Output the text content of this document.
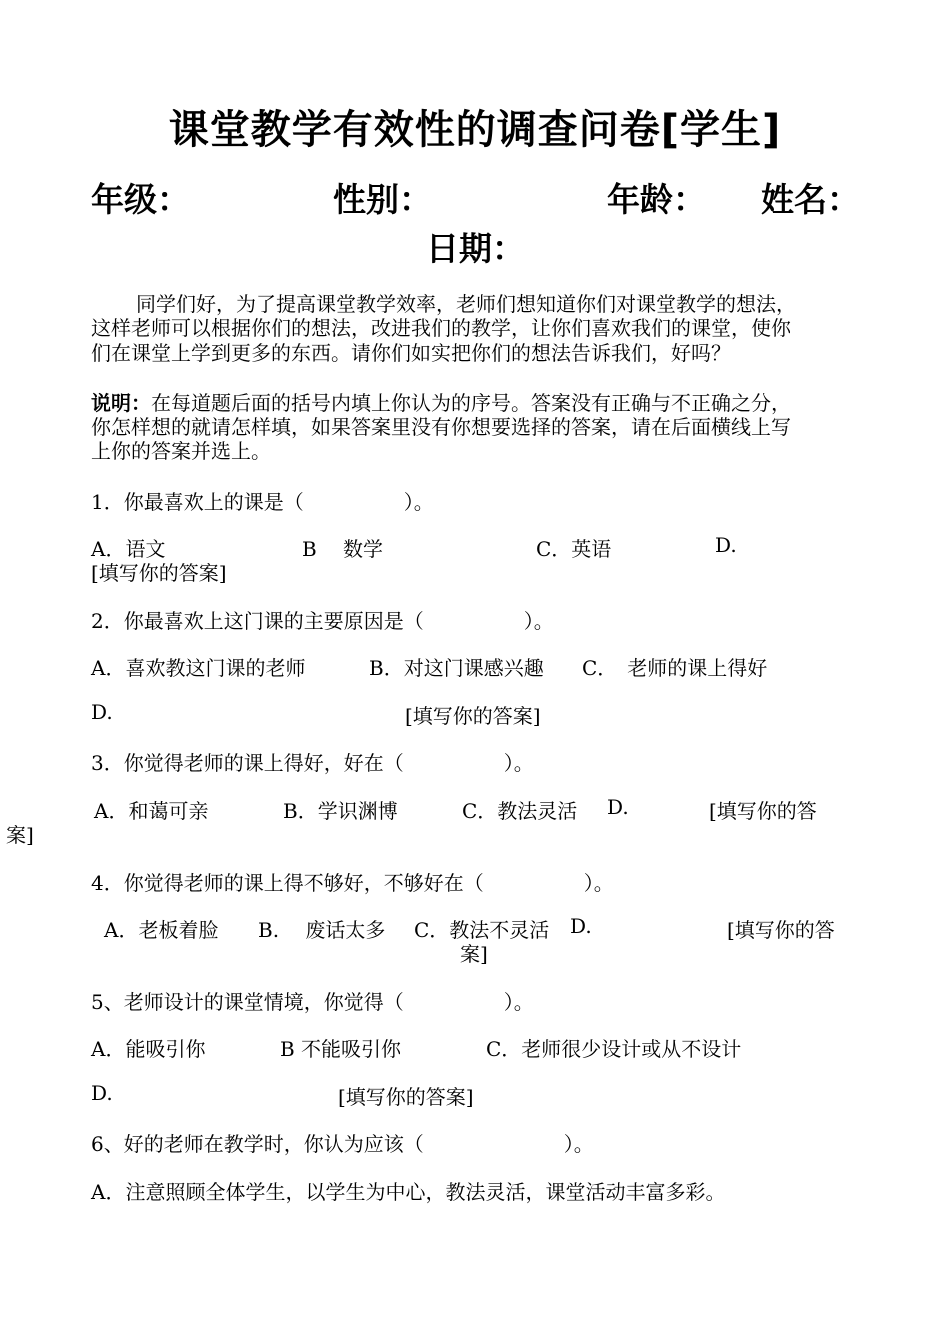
课堂教学有效性的调查问卷[学生]
年级：	性别：	年龄： 姓名：
日期：
同学们好，为了提高课堂教学效率，老师们想知道你们对课堂教学的想法，
这样老师可以根据你们的想法，改进我们的教学，让你们喜欢我们的课堂，使你
们在课堂上学到更多的东西。请你们如实把你们的想法告诉我们，好吗？
说明：在每道题后面的括号内填上你认为的序号。答案没有正确与不正确之分，
你怎样想的就请怎样填，如果答案里没有你想要选择的答案，请在后面横线上写
上你的答案并选上。
1．你最喜欢上的课是（　　　　　）。
A．语文	B　 数学	C．英语	D.
[填写你的答案]
2．你最喜欢上这门课的主要原因是（　　　　　）。
A．喜欢教这门课的老师	B．对这门课感兴趣 C．　老师的课上得好
D.	[填写你的答案]
3．你觉得老师的课上得好，好在（　　　　　）。
A．和蔼可亲	B．学识渊博	C．教法灵活 D.	[填写你的答
案]
4．你觉得老师的课上得不够好，不够好在（　　　　　）。
A．老板着脸 B.　 废话太多 C．教法不灵活 D.	[填写你的答
案]
5、老师设计的课堂情境，你觉得（　　　　　）。
A．能吸引你	B 不能吸引你	C．老师很少设计或从不设计
D.	[填写你的答案]
6、好的老师在教学时，你认为应该（　　　　　　　）。
A．注意照顾全体学生，以学生为中心，教法灵活，课堂活动丰富多彩。
